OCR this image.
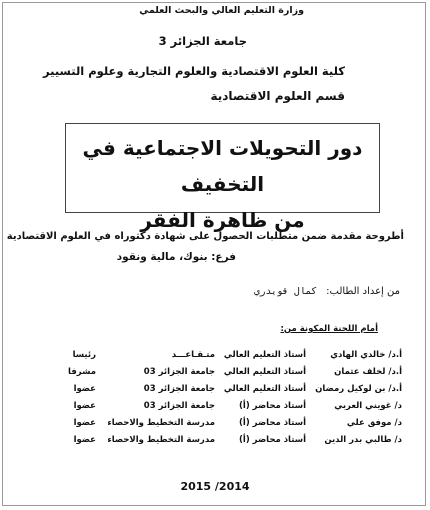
وزارة التعليم العالي والبحث العلمي
جامعة الجزائر 3
كلية العلوم الاقتصادية والعلوم التجارية وعلوم التسيير
قسم العلوم الاقتصادية
دور التحويلات الاجتماعية في التخفيف
من ظاهرة الفقر
أطروحة مقدمة ضمن متطلبات الحصول على شهادة دكتوراه في العلوم الاقتصادية
فرع: بنوك، مالية ونقود
من إعداد الطالب: كمال قويدري
أمام اللجنة المكونة من:
أ.د/ خالدي الهادي
أستاذ التعليم العالي
متـقـاعـــد
رئيسا
أ.د/ لخلف عثمان
أستاذ التعليم العالي
جامعة الجزائر 03
مشرفا
أ.د/ بن لوكيل رمضان
أستاذ التعليم العالي
جامعة الجزائر 03
عضوا
د/ غويني العربي
أستاذ محاضر (أ)
جامعة الجزائر 03
عضوا
د/ موفق علي
أستاذ محاضر (أ)
مدرسة التخطيط والاحصاء
عضوا
د/ طالبي بدر الدين
أستاذ محاضر (أ)
مدرسة التخطيط والاحصاء
عضوا
2015 /2014
